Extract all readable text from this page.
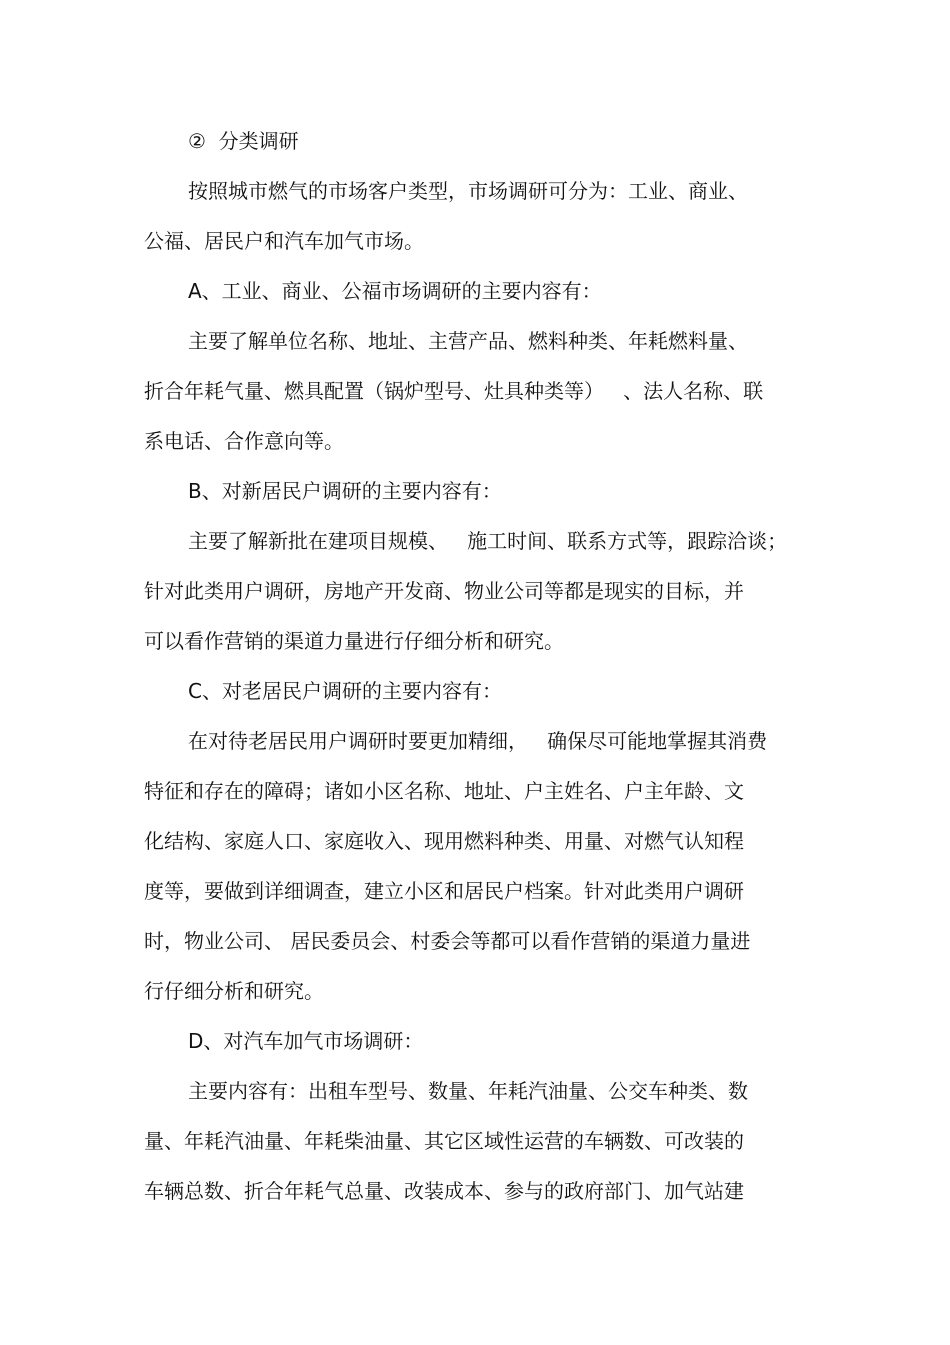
②  分类调研
按照城市燃气的市场客户类型，市场调研可分为：工业、商业、
公福、居民户和汽车加气市场。
A、工业、商业、公福市场调研的主要内容有：
主要了解单位名称、地址、主营产品、燃料种类、年耗燃料量、
折合年耗气量、燃具配置（锅炉型号、灶具种类等）   、法人名称、联
系电话、合作意向等。
B、对新居民户调研的主要内容有：
主要了解新批在建项目规模、   施工时间、联系方式等，跟踪洽谈；
针对此类用户调研，房地产开发商、物业公司等都是现实的目标，并
可以看作营销的渠道力量进行仔细分析和研究。
C、对老居民户调研的主要内容有：
在对待老居民用户调研时要更加精细，   确保尽可能地掌握其消费
特征和存在的障碍；诸如小区名称、地址、户主姓名、户主年龄、文
化结构、家庭人口、家庭收入、现用燃料种类、用量、对燃气认知程
度等，要做到详细调查，建立小区和居民户档案。针对此类用户调研
时，物业公司、 居民委员会、村委会等都可以看作营销的渠道力量进
行仔细分析和研究。
D、对汽车加气市场调研：
主要内容有：出租车型号、数量、年耗汽油量、公交车种类、数
量、年耗汽油量、年耗柴油量、其它区域性运营的车辆数、可改装的
车辆总数、折合年耗气总量、改装成本、参与的政府部门、加气站建
